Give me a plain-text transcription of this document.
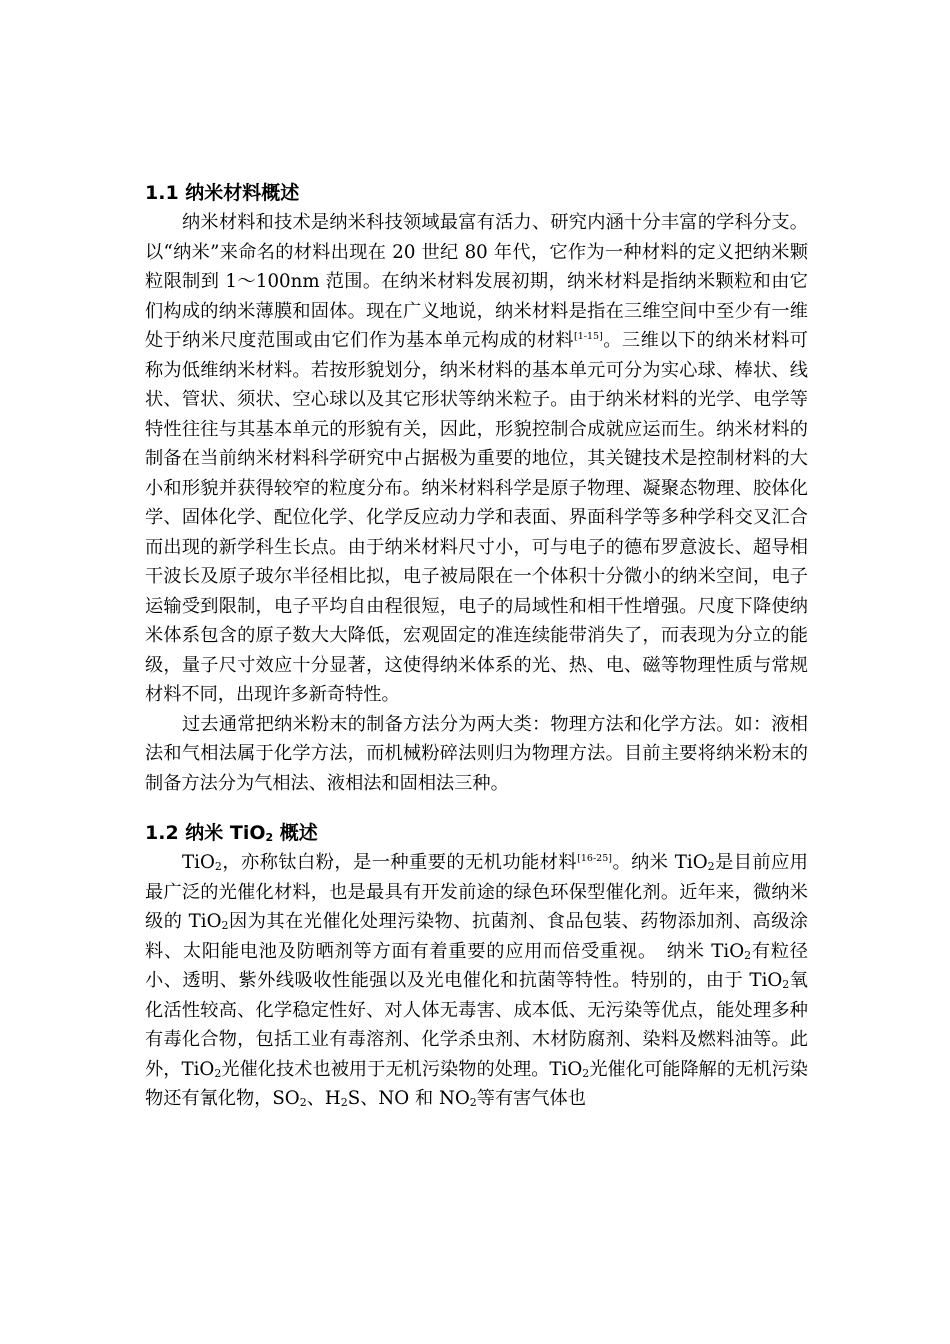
1.1 纳米材料概述

纳米材料和技术是纳米科技领域最富有活力、研究内涵十分丰富的学科分支。以“纳米”来命名的材料出现在 20 世纪 80 年代，它作为一种材料的定义把纳米颗粒限制到 1～100nm 范围。在纳米材料发展初期，纳米材料是指纳米颗粒和由它们构成的纳米薄膜和固体。现在广义地说，纳米材料是指在三维空间中至少有一维处于纳米尺度范围或由它们作为基本单元构成的材料[1-15]。三维以下的纳米材料可称为低维纳米材料。若按形貌划分，纳米材料的基本单元可分为实心球、棒状、线状、管状、须状、空心球以及其它形状等纳米粒子。由于纳米材料的光学、电学等特性往往与其基本单元的形貌有关，因此，形貌控制合成就应运而生。纳米材料的制备在当前纳米材料科学研究中占据极为重要的地位，其关键技术是控制材料的大小和形貌并获得较窄的粒度分布。纳米材料科学是原子物理、凝聚态物理、胶体化学、固体化学、配位化学、化学反应动力学和表面、界面科学等多种学科交叉汇合而出现的新学科生长点。由于纳米材料尺寸小，可与电子的德布罗意波长、超导相干波长及原子玻尔半径相比拟，电子被局限在一个体积十分微小的纳米空间，电子运输受到限制，电子平均自由程很短，电子的局域性和相干性增强。尺度下降使纳米体系包含的原子数大大降低，宏观固定的准连续能带消失了，而表现为分立的能级，量子尺寸效应十分显著，这使得纳米体系的光、热、电、磁等物理性质与常规材料不同，出现许多新奇特性。

过去通常把纳米粉末的制备方法分为两大类：物理方法和化学方法。如：液相法和气相法属于化学方法，而机械粉碎法则归为物理方法。目前主要将纳米粉末的制备方法分为气相法、液相法和固相法三种。

1.2 纳米 TiO$_2$ 概述

TiO$_2$，亦称钛白粉，是一种重要的无机功能材料[16-25]。纳米 TiO$_2$是目前应用最广泛的光催化材料，也是最具有开发前途的绿色环保型催化剂。近年来，微纳米级的 TiO$_2$因为其在光催化处理污染物、抗菌剂、食品包装、药物添加剂、高级涂料、太阳能电池及防晒剂等方面有着重要的应用而倍受重视。　纳米 TiO$_2$有粒径小、透明、紫外线吸收性能强以及光电催化和抗菌等特性。特别的，由于 TiO$_2$氧化活性较高、化学稳定性好、对人体无毒害、成本低、无污染等优点，能处理多种有毒化合物，包括工业有毒溶剂、化学杀虫剂、木材防腐剂、染料及燃料油等。此外，TiO$_2$光催化技术也被用于无机污染物的处理。TiO$_2$光催化可能降解的无机污染物还有氰化物，$SO_2$、$H_2S$、NO 和 $NO_2$等有害气体也
